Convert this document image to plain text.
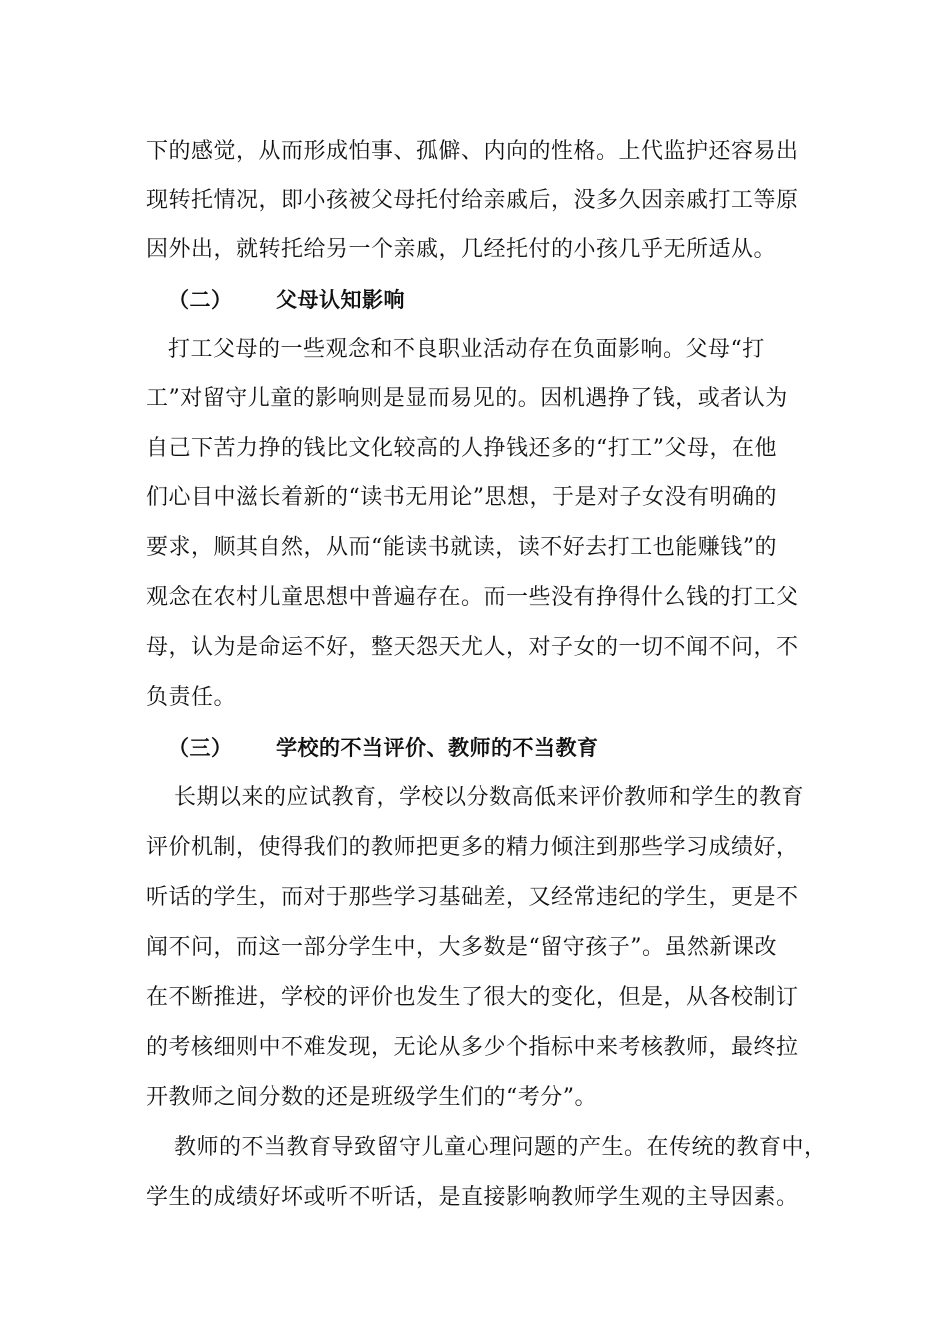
下的感觉，从而形成怕事、孤僻、内向的性格。上代监护还容易出
现转托情况，即小孩被父母托付给亲戚后，没多久因亲戚打工等原
因外出，就转托给另一个亲戚，几经托付的小孩几乎无所适从。
（二） 父母认知影响
打工父母的一些观念和不良职业活动存在负面影响。父母“打
工”对留守儿童的影响则是显而易见的。因机遇挣了钱，或者认为
自己下苦力挣的钱比文化较高的人挣钱还多的“打工”父母，在他
们心目中滋长着新的“读书无用论”思想，于是对子女没有明确的
要求，顺其自然，从而“能读书就读，读不好去打工也能赚钱”的
观念在农村儿童思想中普遍存在。而一些没有挣得什么钱的打工父
母，认为是命运不好，整天怨天尤人，对子女的一切不闻不问，不
负责任。
（三） 学校的不当评价、教师的不当教育
长期以来的应试教育，学校以分数高低来评价教师和学生的教育
评价机制，使得我们的教师把更多的精力倾注到那些学习成绩好，
听话的学生，而对于那些学习基础差，又经常违纪的学生，更是不
闻不问，而这一部分学生中，大多数是“留守孩子”。虽然新课改
在不断推进，学校的评价也发生了很大的变化，但是，从各校制订
的考核细则中不难发现，无论从多少个指标中来考核教师，最终拉
开教师之间分数的还是班级学生们的“考分”。
教师的不当教育导致留守儿童心理问题的产生。在传统的教育中，
学生的成绩好坏或听不听话，是直接影响教师学生观的主导因素。
